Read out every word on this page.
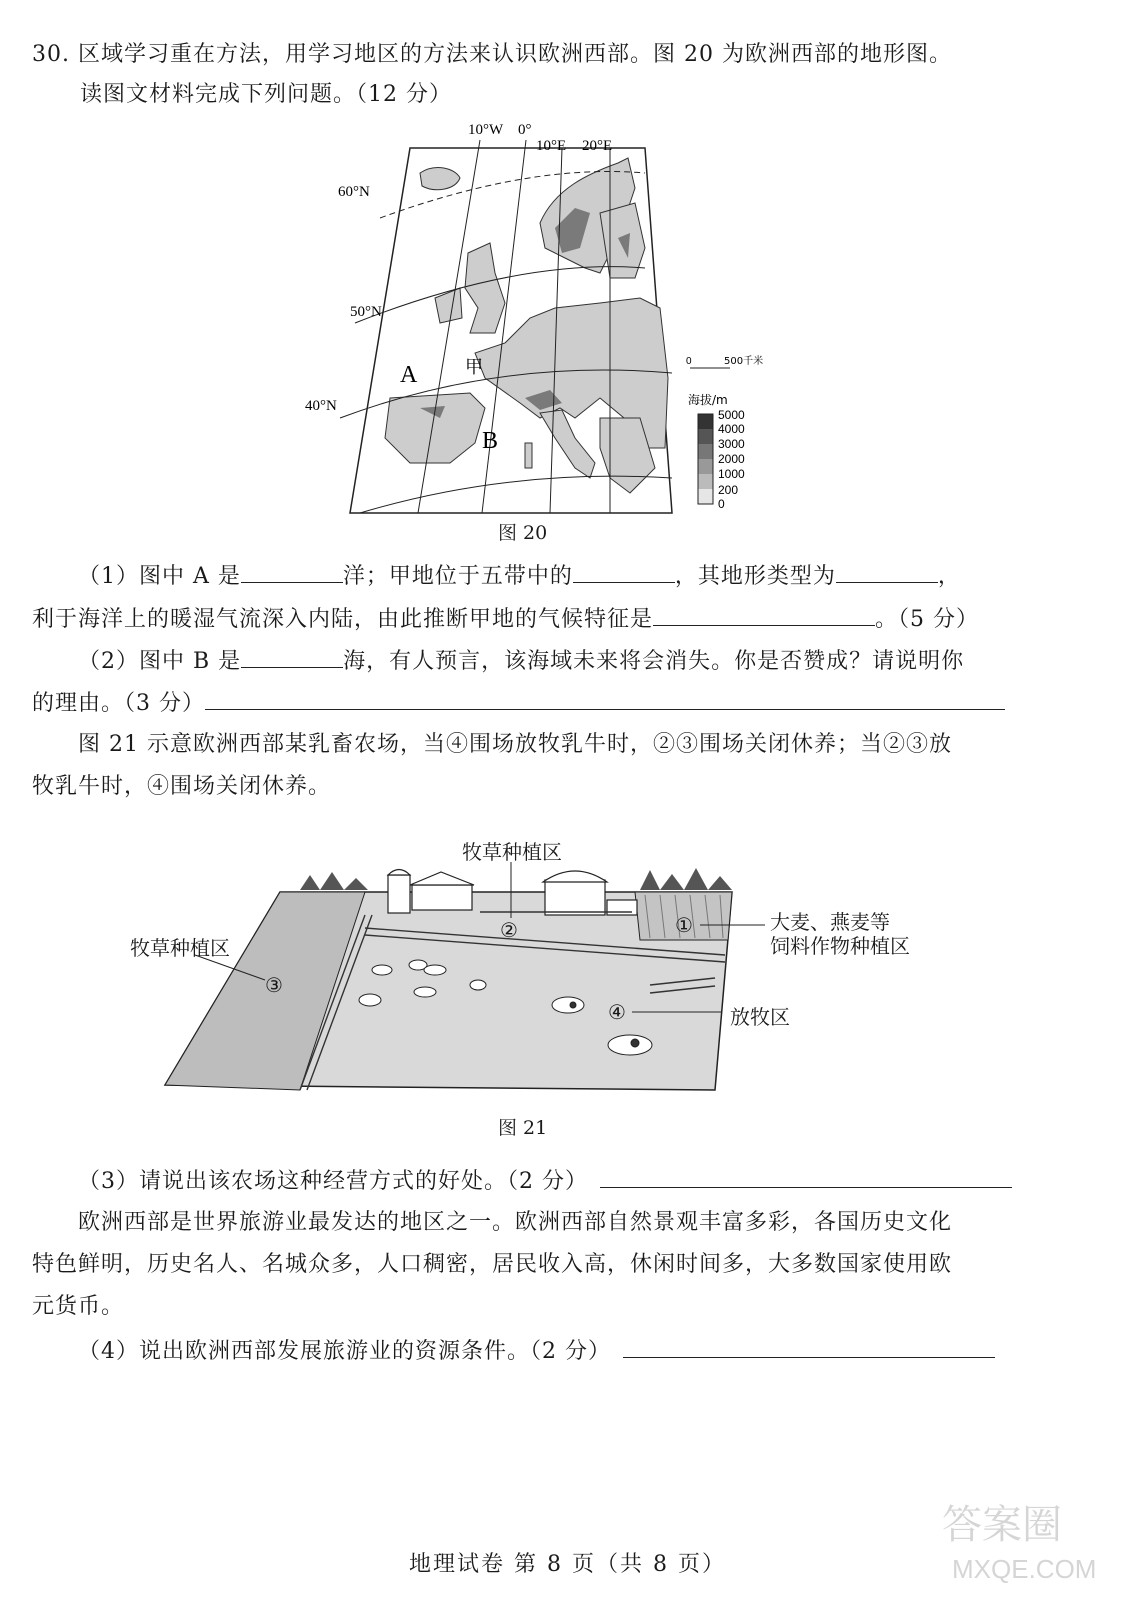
30. 区域学习重在方法，用学习地区的方法来认识欧洲西部。图 20 为欧洲西部的地形图。
读图文材料完成下列问题。（12 分）
10°W 0°
10°E 20°E
60°N
50°N
40°N
A
B
甲	0	500千米
海拔/m
5000
4000
3000
2000
1000
200
0
图 20
（1）图中 A 是	洋；甲地位于五带中的	，其地形类型为	，
利于海洋上的暖湿气流深入内陆，由此推断甲地的气候特征是	。（5 分）
（2）图中 B 是	海，有人预言，该海域未来将会消失。你是否赞成？请说明你
的理由。（3 分）
图 21 示意欧洲西部某乳畜农场，当④围场放牧乳牛时，②③围场关闭休养；当②③放
牧乳牛时，④围场关闭休养。
牧草种植区
牧草种植区
大麦、燕麦等
饲料作物种植区
放牧区
①
②
③
④
图 21
（3）请说出该农场这种经营方式的好处。（2 分）
欧洲西部是世界旅游业最发达的地区之一。欧洲西部自然景观丰富多彩，各国历史文化
特色鲜明，历史名人、名城众多，人口稠密，居民收入高，休闲时间多，大多数国家使用欧
元货币。
（4）说出欧洲西部发展旅游业的资源条件。（2 分）
地理试卷 第 8 页（共 8 页）
答案圈
MXQE.COM
